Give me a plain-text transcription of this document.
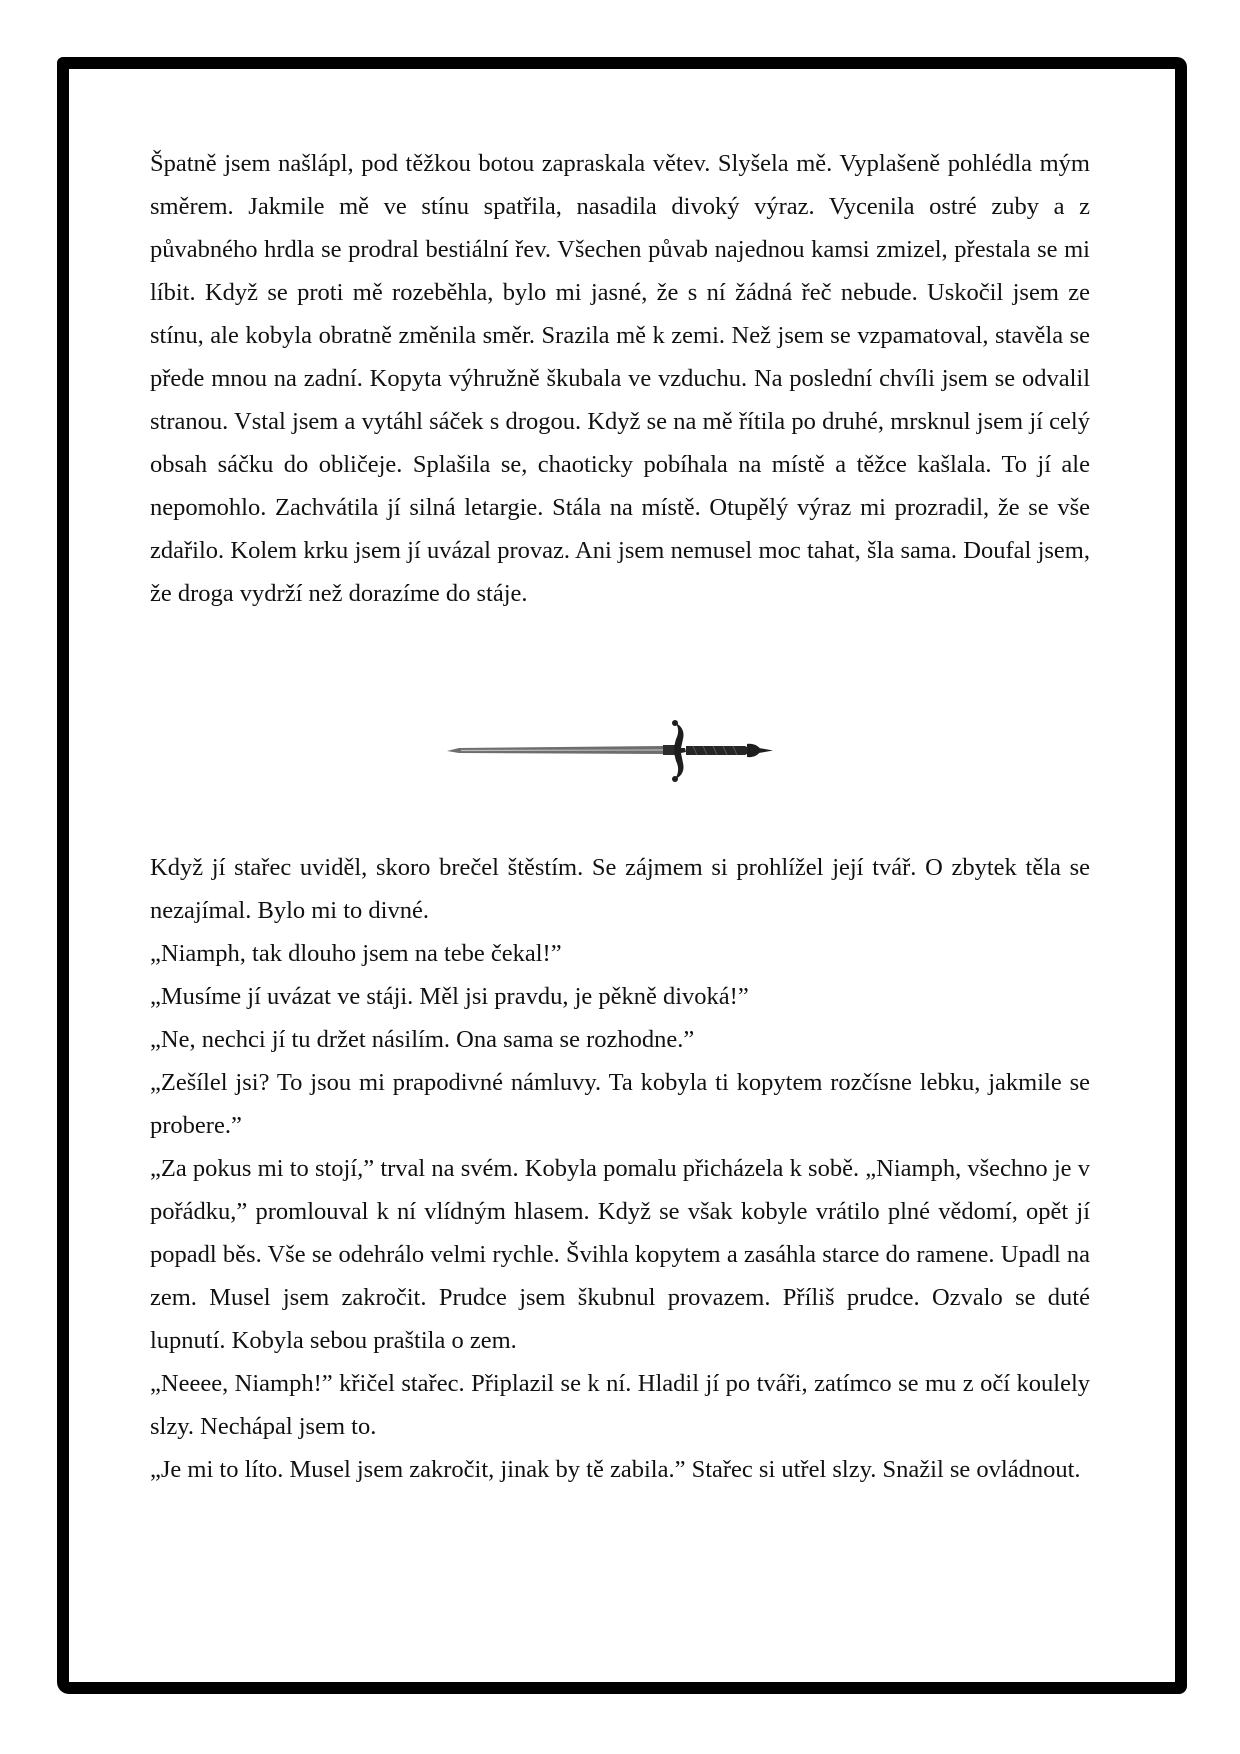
Špatně jsem našlápl, pod těžkou botou zapraskala větev. Slyšela mě. Vyplašeně pohlédla mým směrem. Jakmile mě ve stínu spatřila, nasadila divoký výraz. Vycenila ostré zuby a z půvabného hrdla se prodral bestiální řev. Všechen půvab najednou kamsi zmizel, přestala se mi líbit. Když se proti mě rozeběhla, bylo mi jasné, že s ní žádná řeč nebude. Uskočil jsem ze stínu, ale kobyla obratně změnila směr. Srazila mě k zemi. Než jsem se vzpamatoval, stavěla se přede mnou na zadní. Kopyta výhružně škubala ve vzduchu. Na poslední chvíli jsem se odvalil stranou. Vstal jsem a vytáhl sáček s drogou. Když se na mě řítila po druhé, mrsknul jsem jí celý obsah sáčku do obličeje. Splašila se, chaoticky pobíhala na místě a těžce kašlala. To jí ale nepomohlo. Zachvátila jí silná letargie. Stála na místě. Otupělý výraz mi prozradil, že se vše zdařilo. Kolem krku jsem jí uvázal provaz. Ani jsem nemusel moc tahat, šla sama. Doufal jsem, že droga vydrží než dorazíme do stáje.

Když jí stařec uviděl, skoro brečel štěstím. Se zájmem si prohlížel její tvář. O zbytek těla se nezajímal. Bylo mi to divné.

„Niamph, tak dlouho jsem na tebe čekal!”

„Musíme jí uvázat ve stáji. Měl jsi pravdu, je pěkně divoká!”

„Ne, nechci jí tu držet násilím. Ona sama se rozhodne.”

„Zešílel jsi? To jsou mi prapodivné námluvy. Ta kobyla ti kopytem rozčísne lebku, jakmile se probere.”

„Za pokus mi to stojí,” trval na svém. Kobyla pomalu přicházela k sobě. „Niamph, všechno je v pořádku,” promlouval k ní vlídným hlasem. Když se však kobyle vrátilo plné vědomí, opět jí popadl běs. Vše se odehrálo velmi rychle. Švihla kopytem a zasáhla starce do ramene. Upadl na zem. Musel jsem zakročit. Prudce jsem škubnul provazem. Příliš prudce. Ozvalo se duté lupnutí. Kobyla sebou praštila o zem.

„Neeee, Niamph!” křičel stařec. Připlazil se k ní. Hladil jí po tváři, zatímco se mu z očí koulely slzy. Nechápal jsem to.

„Je mi to líto. Musel jsem zakročit, jinak by tě zabila.” Stařec si utřel slzy. Snažil se ovládnout.
